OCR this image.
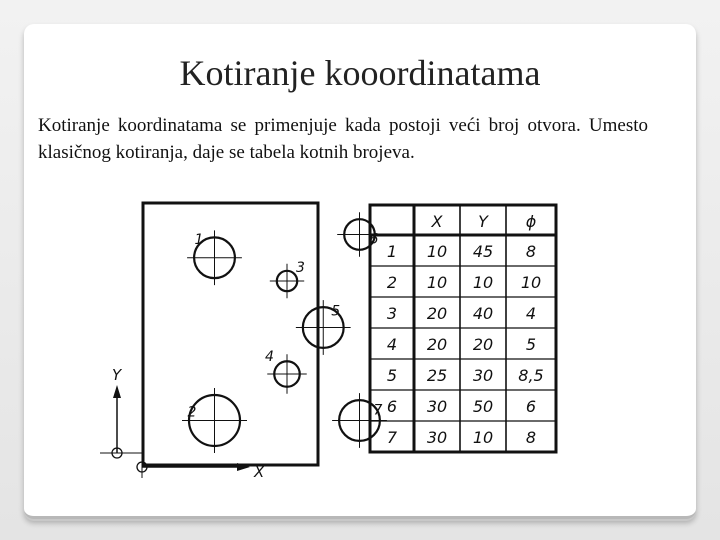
Kotiranje kooordinatama
Kotiranje koordinatama se primenjuje kada postoji veći broj otvora. Umesto klasičnog kotiranja, daje se tabela kotnih brojeva.
Y
X
1
2
3
4
5
6
7
X Y ϕ
1 10 45 8
2 10 10 10
3 20 40 4
4 20 20 5
5 25 30 8,5
6 30 50 6
7 30 10 8
